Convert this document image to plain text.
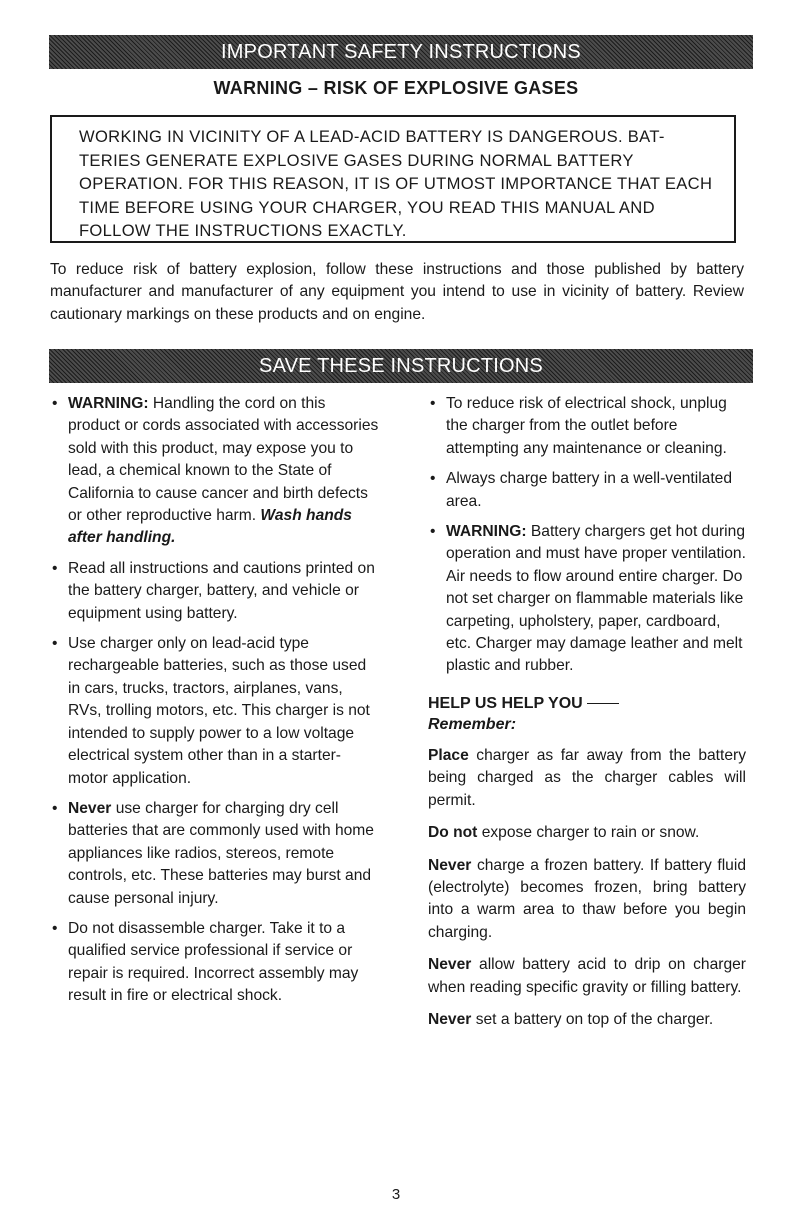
IMPORTANT SAFETY INSTRUCTIONS
WARNING – RISK OF EXPLOSIVE GASES
WORKING IN VICINITY OF A LEAD-ACID BATTERY IS DANGEROUS. BAT-TERIES GENERATE EXPLOSIVE GASES DURING NORMAL BATTERY OPERATION. FOR THIS REASON, IT IS OF UTMOST IMPORTANCE THAT EACH TIME BEFORE USING YOUR CHARGER, YOU READ THIS MANUAL AND FOLLOW THE INSTRUCTIONS EXACTLY.
To reduce risk of battery explosion, follow these instructions and those published by battery manufacturer and manufacturer of any equipment you intend to use in vicinity of battery. Review cautionary markings on these products and on engine.
SAVE THESE INSTRUCTIONS
• WARNING: Handling the cord on this product or cords associated with accessories sold with this product, may expose you to lead, a chemical known to the State of California to cause cancer and birth defects or other reproductive harm. Wash hands after handling.
• Read all instructions and cautions printed on the battery charger, battery, and vehicle or equipment using battery.
• Use charger only on lead-acid type rechargeable batteries, such as those used in cars, trucks, tractors, airplanes, vans, RVs, trolling motors, etc. This charger is not intended to supply power to a low voltage electrical system other than in a starter-motor application.
• Never use charger for charging dry cell batteries that are commonly used with home appliances like radios, stereos, remote controls, etc. These batteries may burst and cause personal injury.
• Do not disassemble charger. Take it to a qualified service professional if service or repair is required. Incorrect assembly may result in fire or electrical shock.
• To reduce risk of electrical shock, unplug the charger from the outlet before attempting any maintenance or cleaning.
• Always charge battery in a well-ventilated area.
• WARNING: Battery chargers get hot during operation and must have proper ventilation. Air needs to flow around entire charger. Do not set charger on flammable materials like carpeting, upholstery, paper, cardboard, etc. Charger may damage leather and melt plastic and rubber.
HELP US HELP YOU
Remember:

Place charger as far away from the battery being charged as the charger cables will permit.

Do not expose charger to rain or snow.

Never charge a frozen battery. If battery fluid (electrolyte) becomes frozen, bring battery into a warm area to thaw before you begin charging.

Never allow battery acid to drip on charger when reading specific gravity or filling battery.

Never set a battery on top of the charger.

3
